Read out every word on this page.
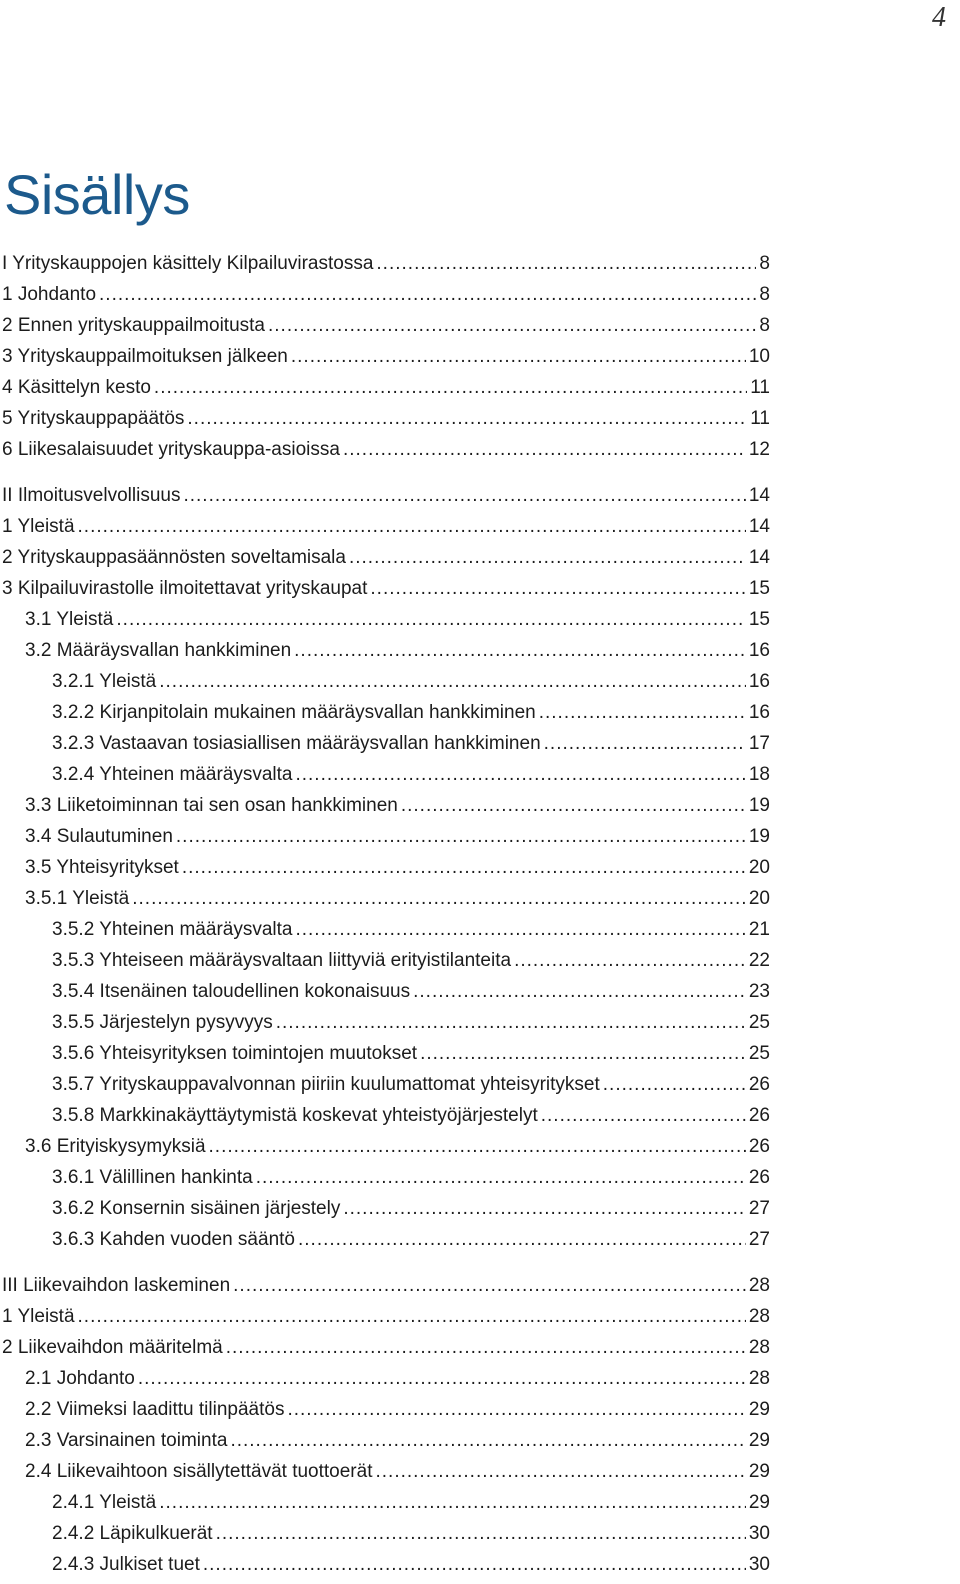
4
Sisällys
I Yrityskauppojen käsittely Kilpailuvirastossa .....	8
1 Johdanto .....	8
2 Ennen yrityskauppailmoitusta .....	8
3 Yrityskauppailmoituksen jälkeen .....	10
4 Käsittelyn kesto .....	11
5 Yrityskauppapäätös .....	11
6 Liikesalaisuudet yrityskauppa-asioissa .....	12
II Ilmoitusvelvollisuus .....	14
1 Yleistä .....	14
2 Yrityskauppasäännösten soveltamisala .....	14
3 Kilpailuvirastolle ilmoitettavat yrityskaupat .....	15
3.1 Yleistä .....	15
3.2 Määräysvallan hankkiminen .....	16
3.2.1 Yleistä .....	16
3.2.2 Kirjanpitolain mukainen määräysvallan hankkiminen .....	16
3.2.3 Vastaavan tosiasiallisen määräysvallan hankkiminen .....	17
3.2.4 Yhteinen määräysvalta .....	18
3.3 Liiketoiminnan tai sen osan hankkiminen .....	19
3.4 Sulautuminen .....	19
3.5 Yhteisyritykset .....	20
3.5.1 Yleistä .....	20
3.5.2 Yhteinen määräysvalta .....	21
3.5.3 Yhteiseen määräysvaltaan liittyviä erityistilanteita .....	22
3.5.4 Itsenäinen taloudellinen kokonaisuus .....	23
3.5.5 Järjestelyn pysyvyys .....	25
3.5.6 Yhteisyrityksen toimintojen muutokset .....	25
3.5.7 Yrityskauppavalvonnan piiriin kuulumattomat yhteisyritykset .....	26
3.5.8 Markkinakäyttäytymistä koskevat yhteistyöjärjestelyt .....	26
3.6 Erityiskysymyksiä .....	26
3.6.1 Välillinen hankinta .....	26
3.6.2 Konsernin sisäinen järjestely .....	27
3.6.3 Kahden vuoden sääntö .....	27
III Liikevaihdon laskeminen .....	28
1 Yleistä .....	28
2 Liikevaihdon määritelmä .....	28
2.1 Johdanto .....	28
2.2 Viimeksi laadittu tilinpäätös .....	29
2.3 Varsinainen toiminta .....	29
2.4 Liikevaihtoon sisällytettävät tuottoerät .....	29
2.4.1 Yleistä .....	29
2.4.2 Läpikulkuerät .....	30
2.4.3 Julkiset tuet .....	30
